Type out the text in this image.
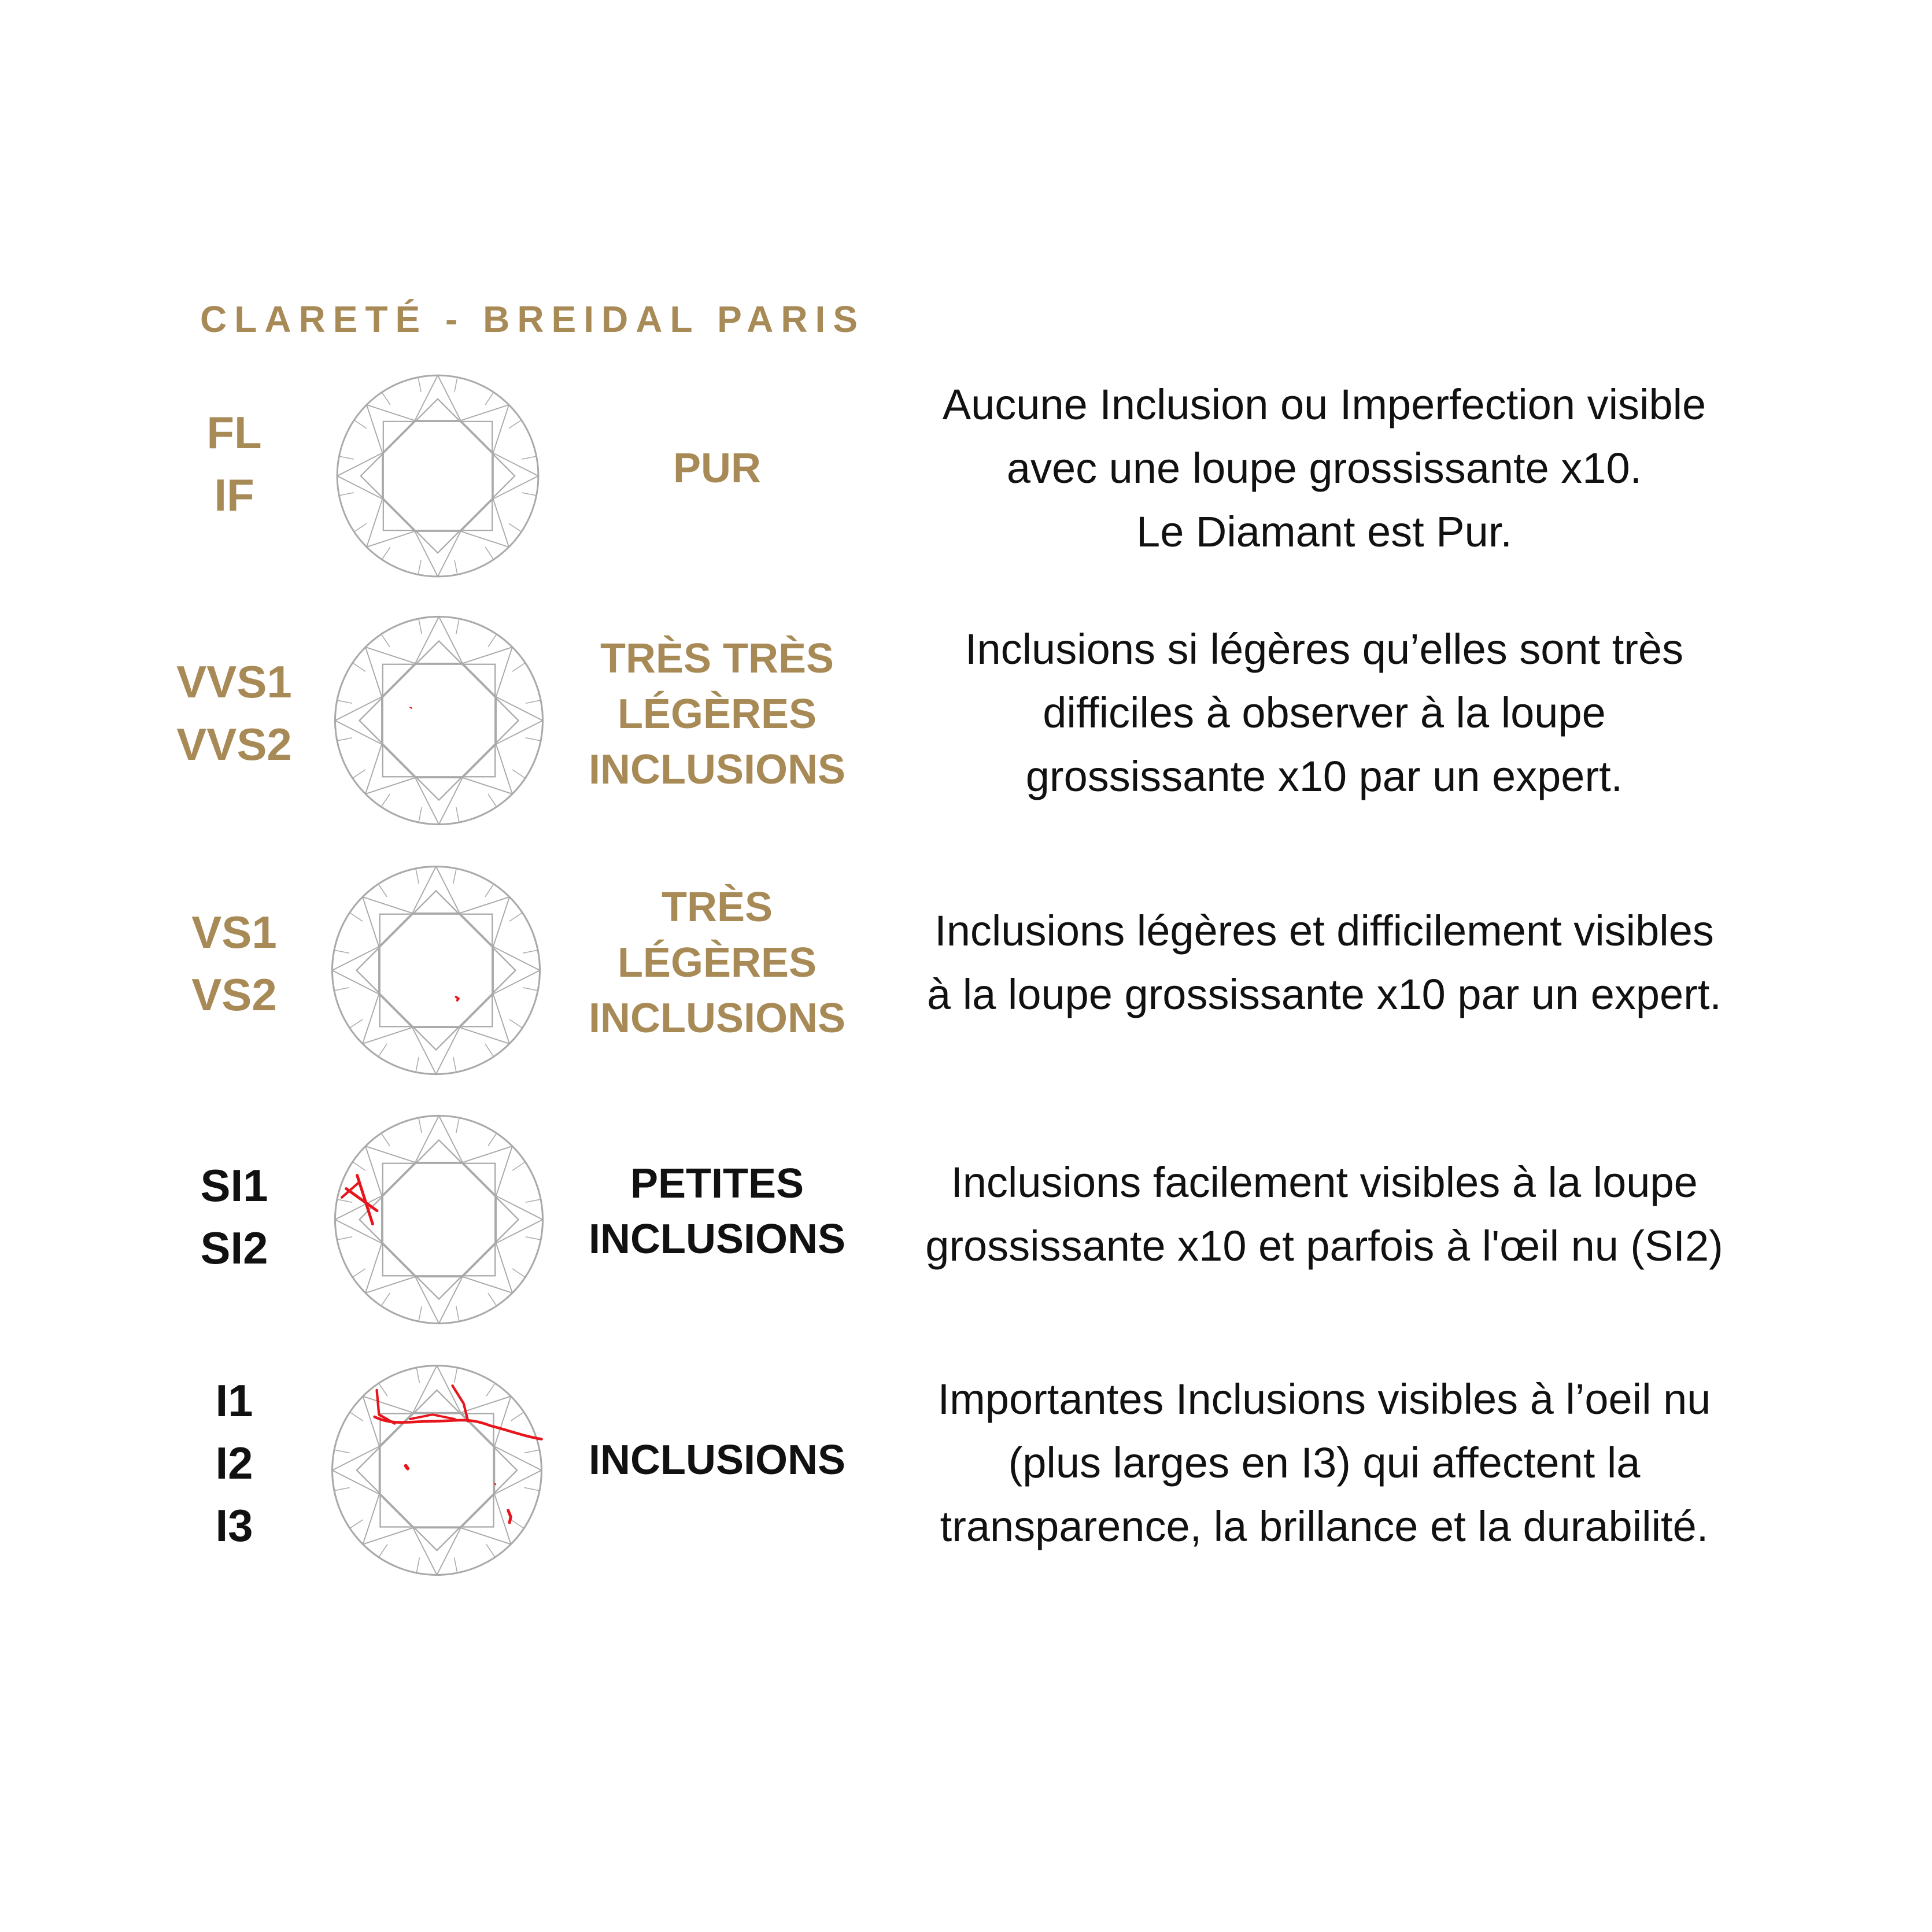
CLARETÉ - BREIDAL PARIS
FL
IF
PUR
Aucune Inclusion ou Imperfection visible
avec une loupe grossissante x10.
Le Diamant est Pur.
VVS1
VVS2
TRÈS TRÈS
LÉGÈRES
INCLUSIONS
Inclusions si légères qu’elles sont très
difficiles à observer à la loupe
grossissante x10 par un expert.
VS1
VS2
TRÈS
LÉGÈRES
INCLUSIONS
Inclusions légères et difficilement visibles
à la loupe grossissante x10 par un expert.
SI1
SI2
PETITES
INCLUSIONS
Inclusions facilement visibles à la loupe
grossissante x10 et parfois à l'œil nu (SI2)
I1
I2
I3
INCLUSIONS
Importantes Inclusions visibles à l’oeil nu
(plus larges en I3) qui affectent la
transparence, la brillance et la durabilité.
